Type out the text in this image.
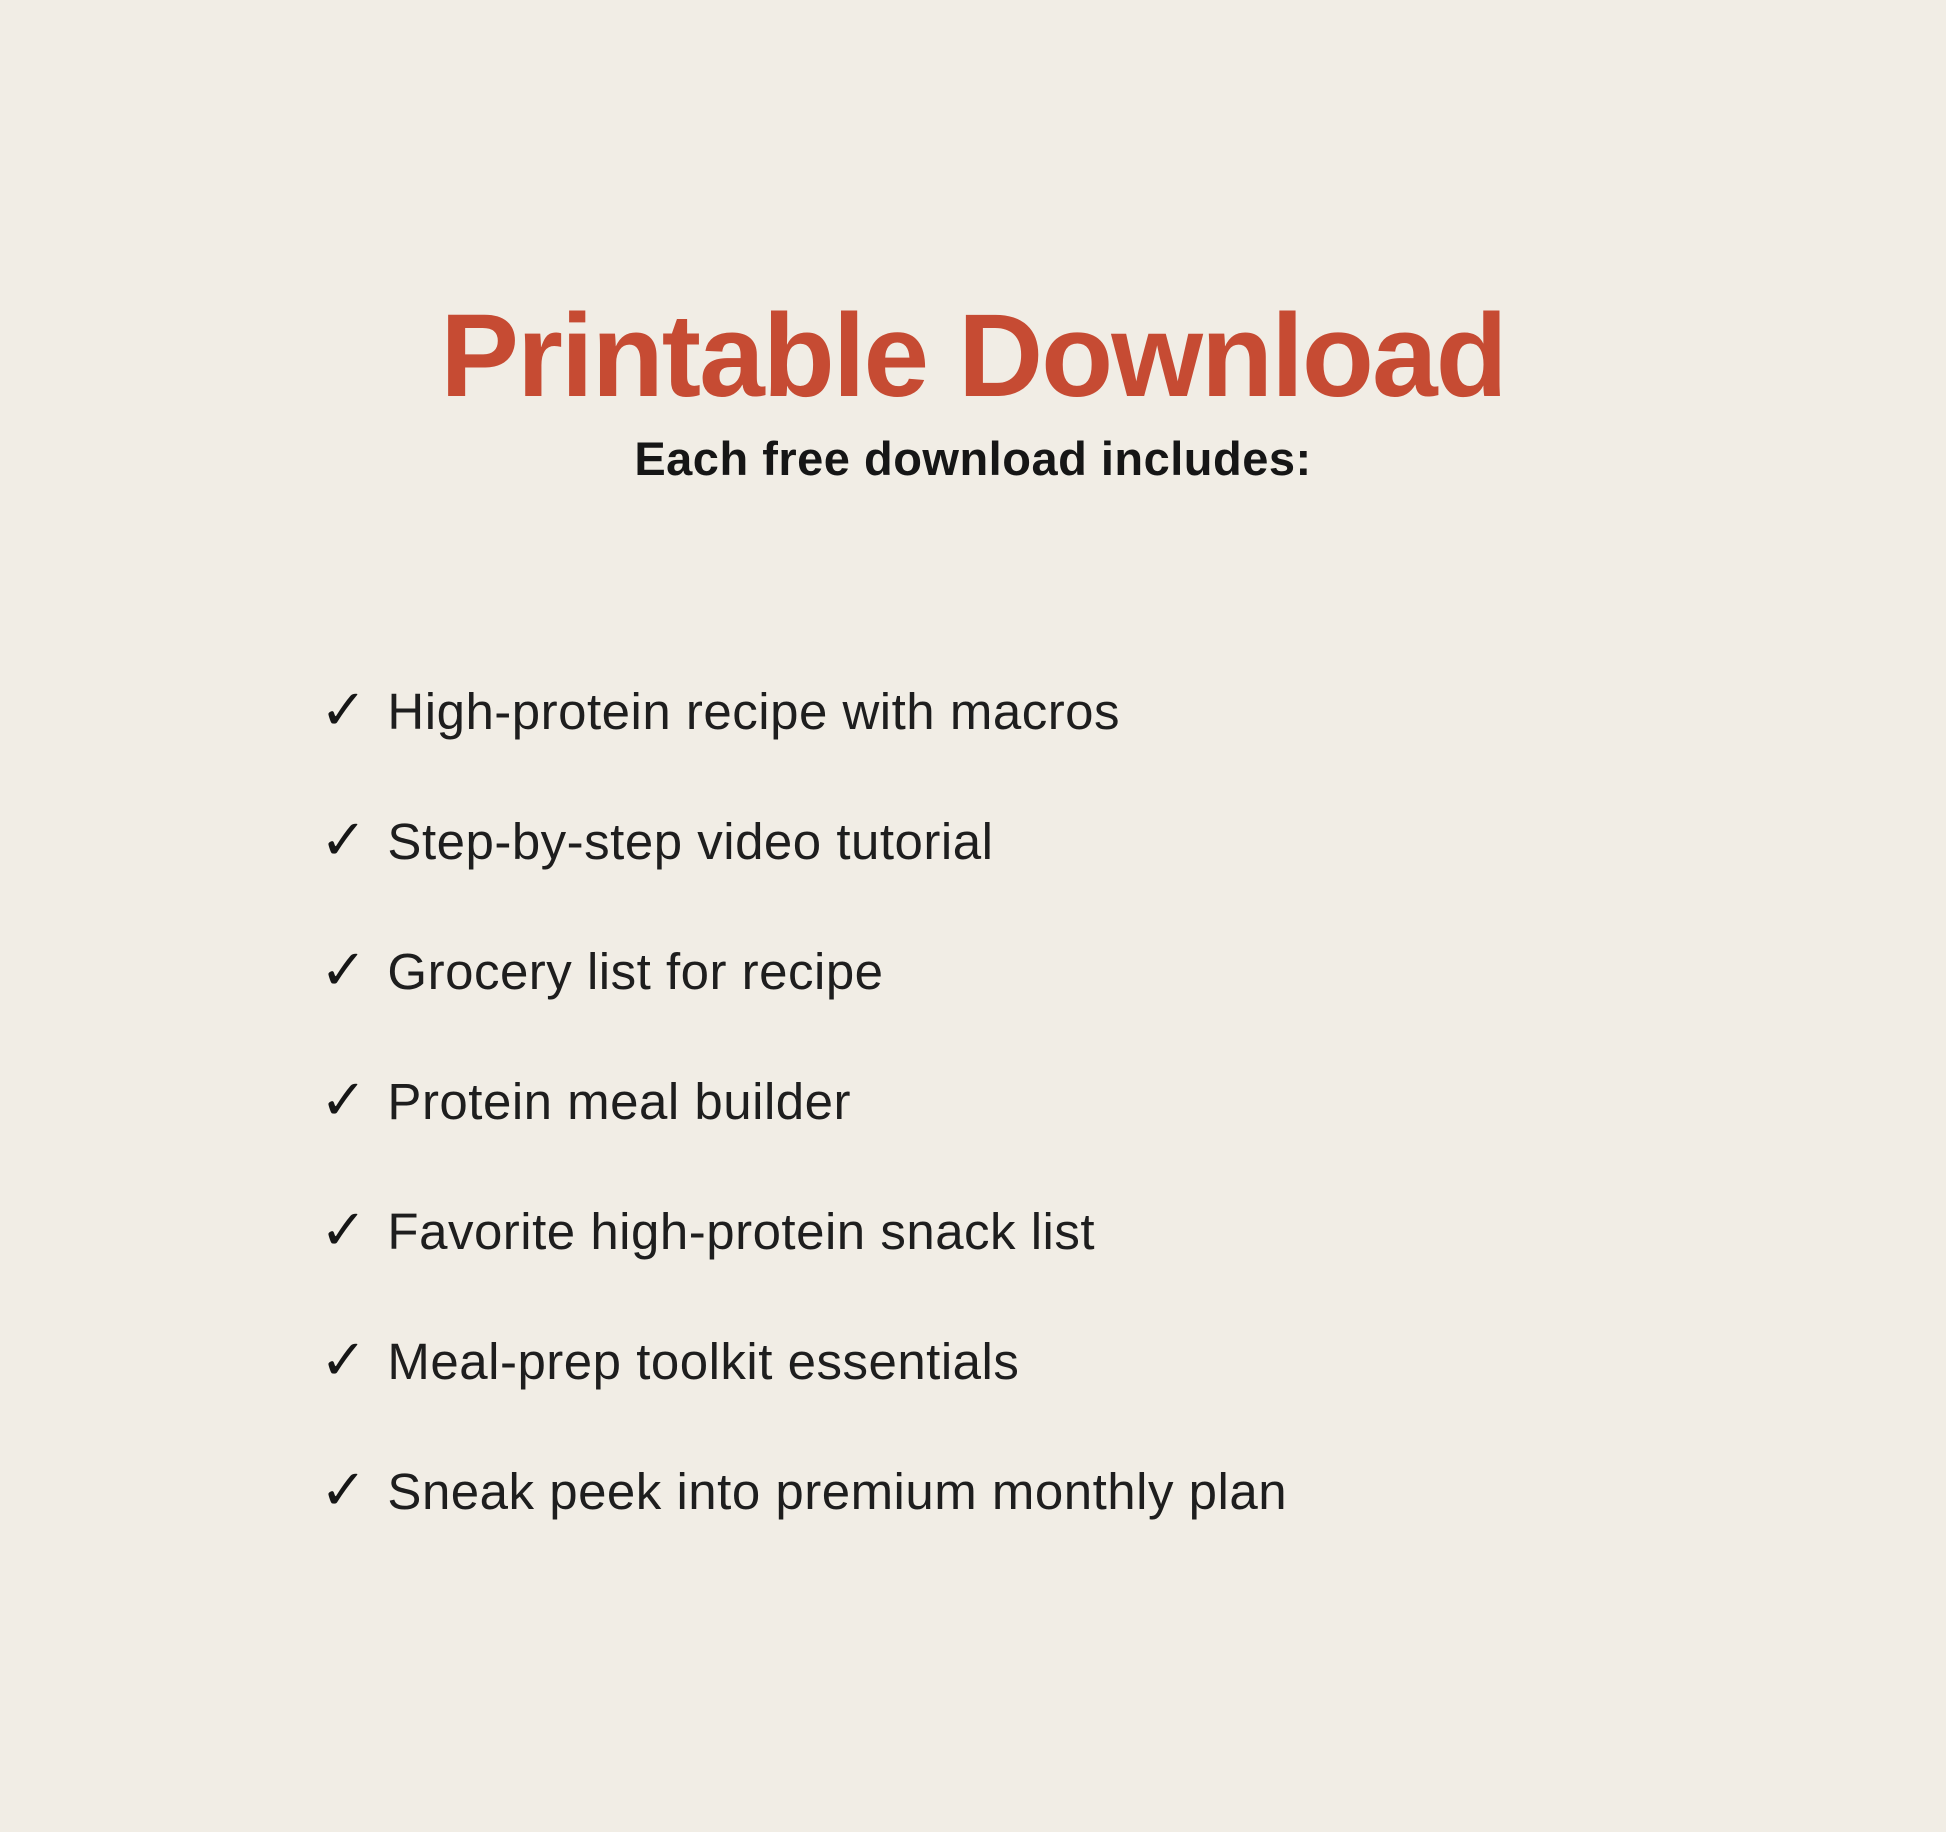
Printable Download
Each free download includes:
✓ High-protein recipe with macros
✓ Step-by-step video tutorial
✓ Grocery list for recipe
✓ Protein meal builder
✓ Favorite high-protein snack list
✓ Meal-prep toolkit essentials
✓ Sneak peek into premium monthly plan
